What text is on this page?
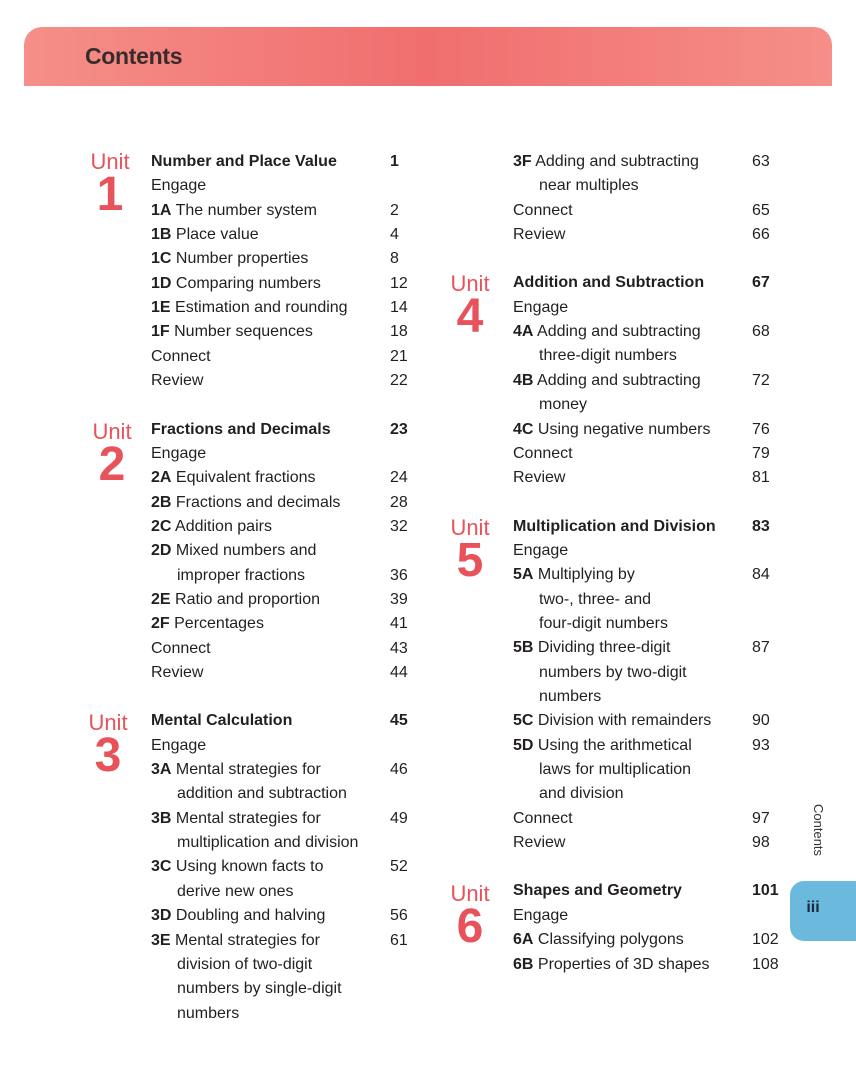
Contents
Unit
1
Unit
2
Unit
3
Unit
4
Unit
5
Unit
6
Number and Place Value	1
Engage
1A The number system	2
1B Place value	4
1C Number properties	8
1D Comparing numbers	12
1E Estimation and rounding	14
1F Number sequences	18
Connect	21
Review	22
Fractions and Decimals	23
Engage
2A Equivalent fractions	24
2B Fractions and decimals	28
2C Addition pairs	32
2D Mixed numbers and
improper fractions	36
2E Ratio and proportion	39
2F Percentages	41
Connect	43
Review	44
Mental Calculation	45
Engage
3A Mental strategies for	46
addition and subtraction
3B Mental strategies for	49
multiplication and division
3C Using known facts to	52
derive new ones
3D Doubling and halving	56
3E Mental strategies for	61
division of two-digit
numbers by single-digit
numbers
3F Adding and subtracting	63
near multiples
Connect	65
Review	66
Addition and Subtraction	67
Engage
4A Adding and subtracting	68
three-digit numbers
4B Adding and subtracting	72
money
4C Using negative numbers	76
Connect	79
Review	81
Multiplication and Division 83
Engage
5A Multiplying by	84
two-, three- and
four-digit numbers
5B Dividing three-digit	87
numbers by two-digit
numbers
5C Division with remainders	90
5D Using the arithmetical	93
laws for multiplication
and division
Connect	97
Review	98
Shapes and Geometry	101
Engage
6A Classifying polygons	102
6B Properties of 3D shapes	108
Contents
iii
